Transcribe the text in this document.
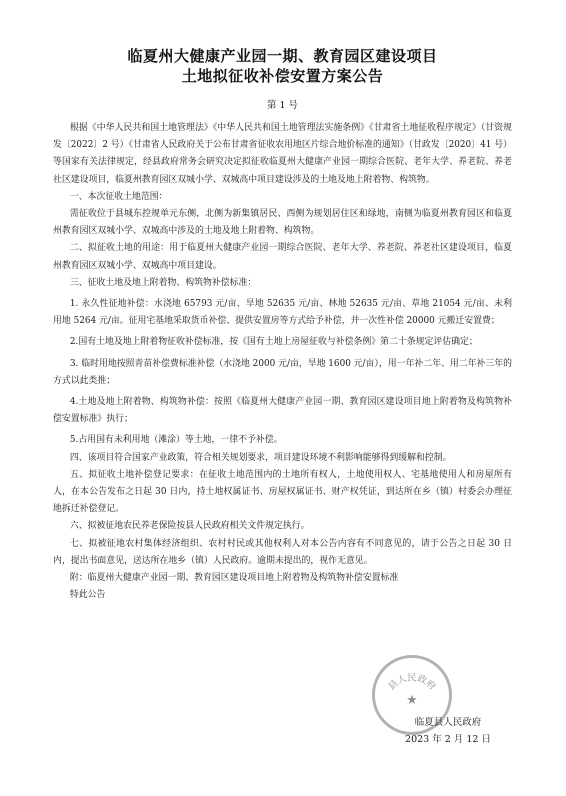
临夏州大健康产业园一期、教育园区建设项目
土地拟征收补偿安置方案公告
第 1 号

根据《中华人民共和国土地管理法》《中华人民共和国土地管理法实施条例》《甘肃省土地征收程序规定》（甘资规发〔2022〕2 号）《甘肃省人民政府关于公布甘肃省征收农用地区片综合地价标准的通知》（甘政发〔2020〕41 号）等国家有关法律规定，经县政府常务会研究决定拟征收临夏州大健康产业园一期综合医院、老年大学、养老院、养老社区建设项目，临夏州教育园区双城小学、双城高中项目建设涉及的土地及地上附着物、构筑物。

一、本次征收土地范围：

需征收位于县城东控规单元东侧，北侧为新集镇居民、西侧为规划居住区和绿地，南侧为临夏州教育园区和临夏州教育园区双城小学、双城高中涉及的土地及地上附着物、构筑物。

二、拟征收土地的用途：用于临夏州大健康产业园一期综合医院、老年大学、养老院、养老社区建设项目，临夏州教育园区双城小学、双城高中项目建设。

三、征收土地及地上附着物、构筑物补偿标准：

1. 永久性征地补偿：水浇地 65793 元/亩、旱地 52635 元/亩、林地 52635 元/亩、草地 21054 元/亩、未利用地 5264 元/亩。征用宅基地采取货币补偿、提供安置房等方式给予补偿，并一次性补偿 20000 元搬迁安置费；

2.国有土地及地上附着物征收补偿标准，按《国有土地上房屋征收与补偿条例》第二十条规定评估确定；

3. 临时用地按照青苗补偿费标准补偿（水浇地 2000 元/亩，旱地 1600 元/亩），用一年补二年、用二年补三年的方式以此类推；

4.土地及地上附着物、构筑物补偿：按照《临夏州大健康产业园一期、教育园区建设项目地上附着物及构筑物补偿安置标准》执行；

5.占用国有未利用地（滩涂）等土地，一律不予补偿。

四、该项目符合国家产业政策，符合相关规划要求，项目建设环境不利影响能够得到缓解和控制。

五、拟征收土地补偿登记要求：在征收土地范围内的土地所有权人，土地使用权人、宅基地使用人和房屋所有人，在本公告发布之日起 30 日内，持土地权属证书、房屋权属证书、财产权凭证，到达所在乡（镇）村委会办理征地拆迁补偿登记。

六、拟被征地农民养老保险按县人民政府相关文件规定执行。

七、拟被征地农村集体经济组织、农村村民或其他权利人对本公告内容有不同意见的，请于公告之日起 30 日内，提出书面意见，送达所在地乡（镇）人民政府。逾期未提出的，视作无意见。

附：临夏州大健康产业园一期、教育园区建设项目地上附着物及构筑物补偿安置标准

特此公告

县人民政府
★
临夏县人民政府
2023 年 2 月 12 日
